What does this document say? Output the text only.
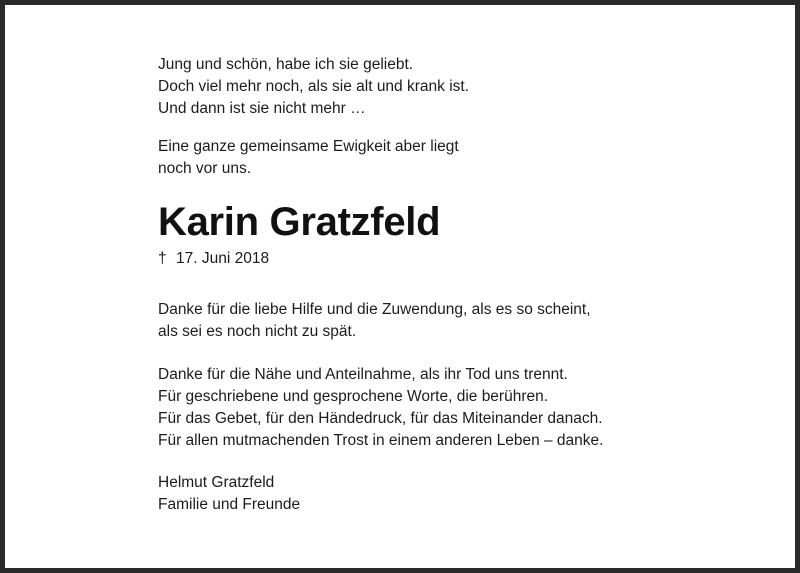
Jung und schön, habe ich sie geliebt.
Doch viel mehr noch, als sie alt und krank ist.
Und dann ist sie nicht mehr …
Eine ganze gemeinsame Ewigkeit aber liegt
noch vor uns.
Karin Gratzfeld
† 17. Juni 2018
Danke für die liebe Hilfe und die Zuwendung, als es so scheint,
als sei es noch nicht zu spät.
Danke für die Nähe und Anteilnahme, als ihr Tod uns trennt.
Für geschriebene und gesprochene Worte, die berühren.
Für das Gebet, für den Händedruck, für das Miteinander danach.
Für allen mutmachenden Trost in einem anderen Leben – danke.
Helmut Gratzfeld
Familie und Freunde
